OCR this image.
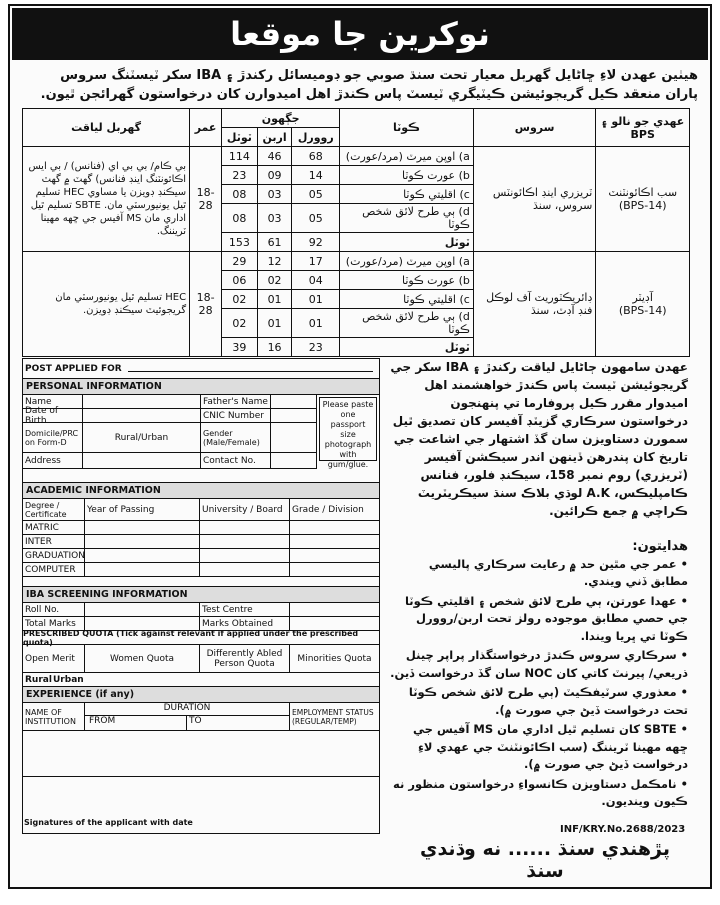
نوکرين جا موقعا
هيٺين عهدن لاءِ ڇاڻايل گهربل معيار تحت سنڌ صوبي جو ڊوميسائل رکندڙ ۽ IBA سکر ٽيسٽنگ سروس پاران منعقد ڪيل گريجوئيشن ڪيٽيگري ٽيسٽ پاس ڪندڙ اهل اميدوارن کان درخواستون گهرائجن ٿيون.
گهربل لياقت	عمر	جڳهون			ڪوٽا	سروس	عهدي جو نالو ۽ BPS
		ٽوٽل	اربن	روورل			
بي ڪام/ بي بي اي (فنانس) / بي ايس اڪائونٽنگ اينڊ فنانس) گهٽ ۾ گهٽ سيڪنڊ ڊويزن يا مساوي HEC تسليم ٿيل يونيورسٽي مان. SBTE تسليم ٿيل اداري مان MS آفيس جي ڇهه مهينا ٽريننگ.	18-28	114	46	68	a) اوپن ميرٽ (مرد/عورت)	ٽريزري اينڊ اڪائونٽس سروس، سنڌ	سب اڪائونٽنٽ
(BPS-14)

		23	09	14	b) عورت ڪوٽا		
		08	03	05	c) اقليتي ڪوٽا		
		08	03	05	d) ٻي طرح لائق شخص ڪوٽا		
		153	61	92	ٽوٽل		
HEC تسليم ٿيل يونيورسٽي مان گريجوئيٽ سيڪنڊ ڊويزن.	18-28	29	12	17	a) اوپن ميرٽ (مرد/عورت)	ڊائريڪٽوريٽ آف لوڪل فنڊ آڊٽ، سنڌ	آڊيٽر
(BPS-14)

		06	02	04	b) عورت ڪوٽا		
		02	01	01	c) اقليتي ڪوٽا		
		02	01	01	d) ٻي طرح لائق شخص ڪوٽا		
		39	16	23	ٽوٽل		
POST APPLIED FOR
PERSONAL INFORMATION
Name	Father's Name
Date of Birth	CNIC Number
Domicile/PRC on Form-D	Rural/Urban	Gender (Male/Female)
Address	Contact No.
Please paste one passport size photograph with gum/glue.
ACADEMIC INFORMATION
Degree / Certificate	Year of Passing	University / Board	Grade / Division
MATRIC
INTER
GRADUATION
COMPUTER
IBA SCREENING INFORMATION
Roll No.	Test Centre
Total Marks	Marks Obtained
PRESCRIBED QUOTA (Tick against relevant if applied under the prescribed quota)
Open Merit	Women Quota	Differently Abled Person Quota	Minorities Quota
Rural Urban
EXPERIENCE (if any)
NAME OF INSTITUTION
DURATION
FROM	TO
EMPLOYMENT STATUS (REGULAR/TEMP)
Signatures of the applicant with date
عهدن سامهون ڄاڻايل لياقت رکندڙ ۽ IBA سکر جي گريجوئيشن ٽيسٽ پاس ڪندڙ خواهشمند اهل اميدوار مقرر ڪيل پروفارما تي پنهنجون درخواستون سرڪاري گزيٽڊ آفيسر کان تصديق ٿيل سمورن دستاويزن سان گڏ اشتهار جي اشاعت جي تاريخ کان پندرهن ڏينهن اندر سيڪشن آفيسر (ٽريزري) روم نمبر 158، سيڪنڊ فلور، فنانس ڪامپليڪس، A.K لوڌي بلاڪ سنڌ سيڪريٽريٽ ڪراچي ۾ جمع ڪرائين.
هدايتون:
• عمر جي مٿين حد ۾ رعايت سرڪاري پاليسي مطابق ڏني ويندي.
• عهدا عورتن، ٻي طرح لائق شخص ۽ اقليتي ڪوٽا جي حصي مطابق موجوده رولز تحت اربن/روورل ڪوٽا تي ڀريا ويندا.
• سرڪاري سروس ڪندڙ درخواستگذار پراپر چينل ذريعي/ پيرنٽ کاتي کان NOC سان گڏ درخواست ڏين.
• معذوري سرٽيفڪيٽ (ٻي طرح لائق شخص ڪوٽا تحت درخواست ڏيڻ جي صورت ۾).
• SBTE کان تسليم ٿيل اداري مان MS آفيس جي ڇهه مهينا ٽريننگ (سب اڪائونٽنٽ جي عهدي لاءِ درخواست ڏيڻ جي صورت ۾).
• نامڪمل دستاويزن ڪانسواءِ درخواستون منظور نه ڪيون وينديون.
INF/KRY.No.2688/2023
پڙهندي سنڌ ...... نه وڌندي سنڌ
